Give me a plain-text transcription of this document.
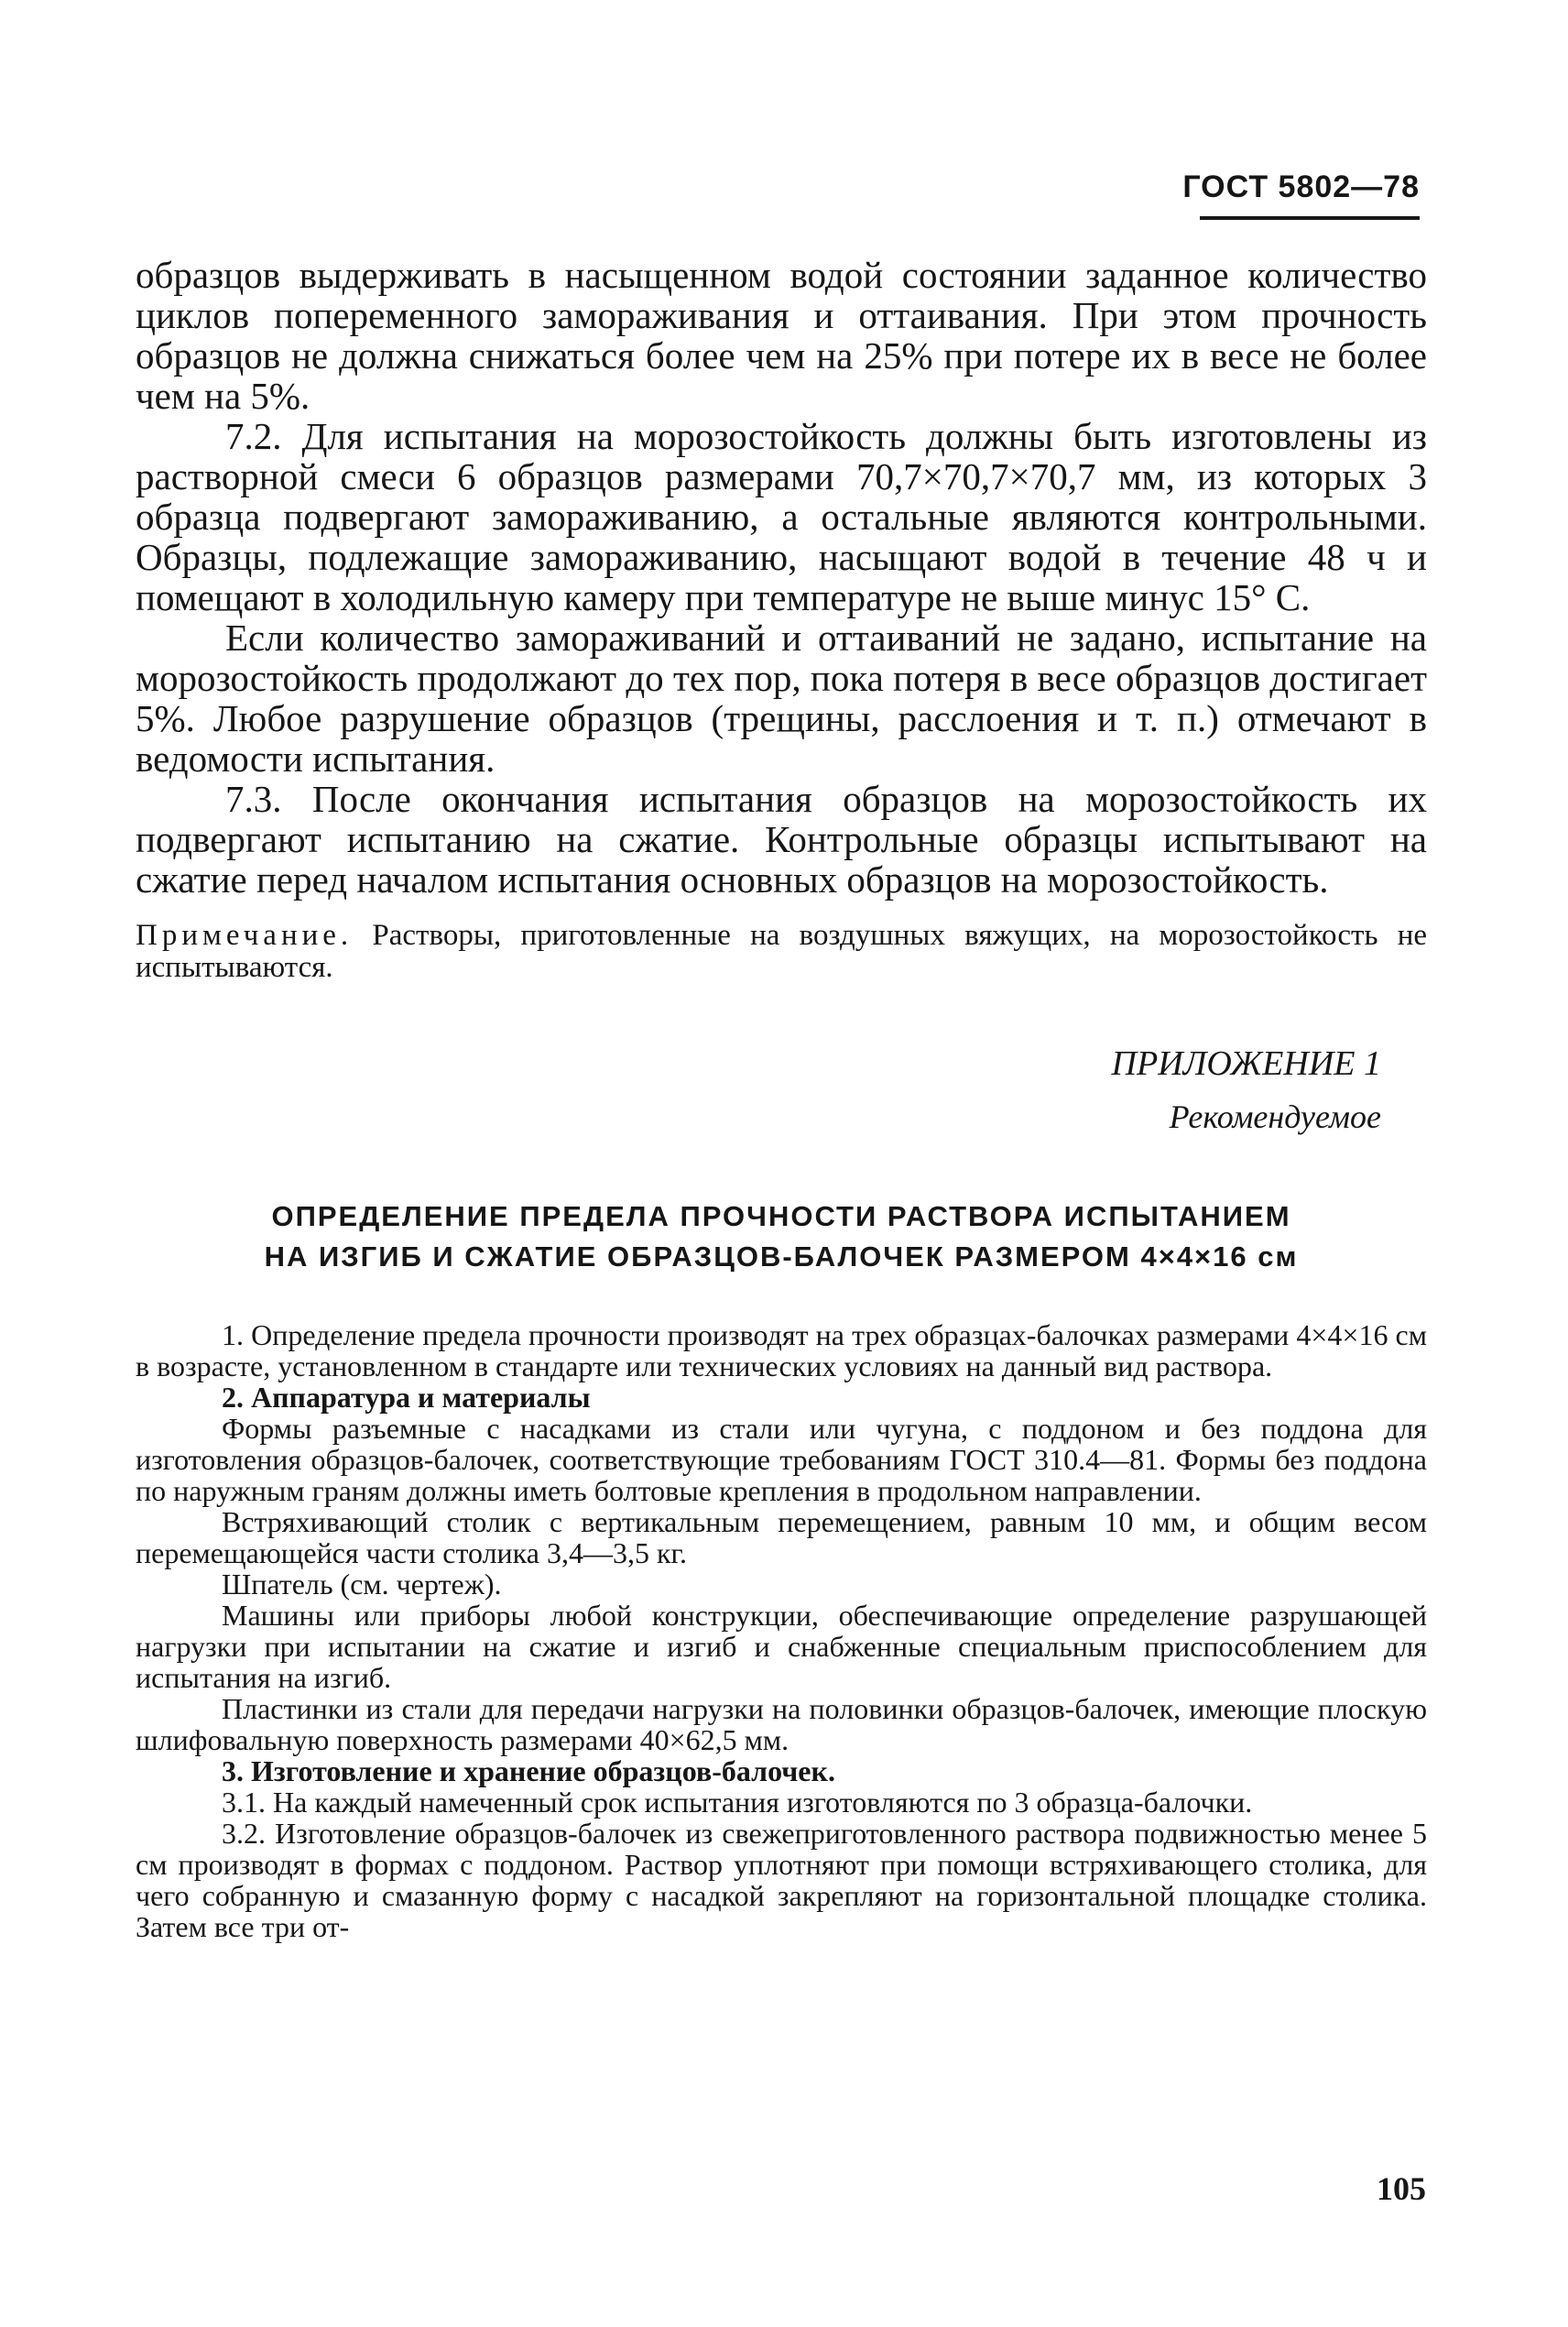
ГОСТ 5802—78

образцов выдерживать в насыщенном водой состоянии заданное количество циклов попеременного замораживания и оттаивания. При этом прочность образцов не должна снижаться более чем на 25% при потере их в весе не более чем на 5%.

7.2. Для испытания на морозостойкость должны быть изготовлены из растворной смеси 6 образцов размерами 70,7×70,7×70,7 мм, из которых 3 образца подвергают замораживанию, а остальные являются контрольными. Образцы, подлежащие замораживанию, насыщают водой в течение 48 ч и помещают в холодильную камеру при температуре не выше минус 15° С.

Если количество замораживаний и оттаиваний не задано, испытание на морозостойкость продолжают до тех пор, пока потеря в весе образцов достигает 5%. Любое разрушение образцов (трещины, расслоения и т. п.) отмечают в ведомости испытания.

7.3. После окончания испытания образцов на морозостойкость их подвергают испытанию на сжатие. Контрольные образцы испытывают на сжатие перед началом испытания основных образцов на морозостойкость.

Примечание. Растворы, приготовленные на воздушных вяжущих, на морозостойкость не испытываются.
ПРИЛОЖЕНИЕ 1
Рекомендуемое
ОПРЕДЕЛЕНИЕ ПРЕДЕЛА ПРОЧНОСТИ РАСТВОРА ИСПЫТАНИЕМ
НА ИЗГИБ И СЖАТИЕ ОБРАЗЦОВ-БАЛОЧЕК РАЗМЕРОМ 4×4×16 см

1. Определение предела прочности производят на трех образцах-балочках размерами 4×4×16 см в возрасте, установленном в стандарте или технических условиях на данный вид раствора.

2. Аппаратура и материалы

Формы разъемные с насадками из стали или чугуна, с поддоном и без поддона для изготовления образцов-балочек, соответствующие требованиям ГОСТ 310.4—81. Формы без поддона по наружным граням должны иметь болтовые крепления в продольном направлении.

Встряхивающий столик с вертикальным перемещением, равным 10 мм, и общим весом перемещающейся части столика 3,4—3,5 кг.

Шпатель (см. чертеж).

Машины или приборы любой конструкции, обеспечивающие определение разрушающей нагрузки при испытании на сжатие и изгиб и снабженные специальным приспособлением для испытания на изгиб.

Пластинки из стали для передачи нагрузки на половинки образцов-балочек, имеющие плоскую шлифовальную поверхность размерами 40×62,5 мм.

3. Изготовление и хранение образцов-балочек.

3.1. На каждый намеченный срок испытания изготовляются по 3 образца-балочки.

3.2. Изготовление образцов-балочек из свежеприготовленного раствора подвижностью менее 5 см производят в формах с поддоном. Раствор уплотняют при помощи встряхивающего столика, для чего собранную и смазанную форму с насадкой закрепляют на горизонтальной площадке столика. Затем все три от-

105
